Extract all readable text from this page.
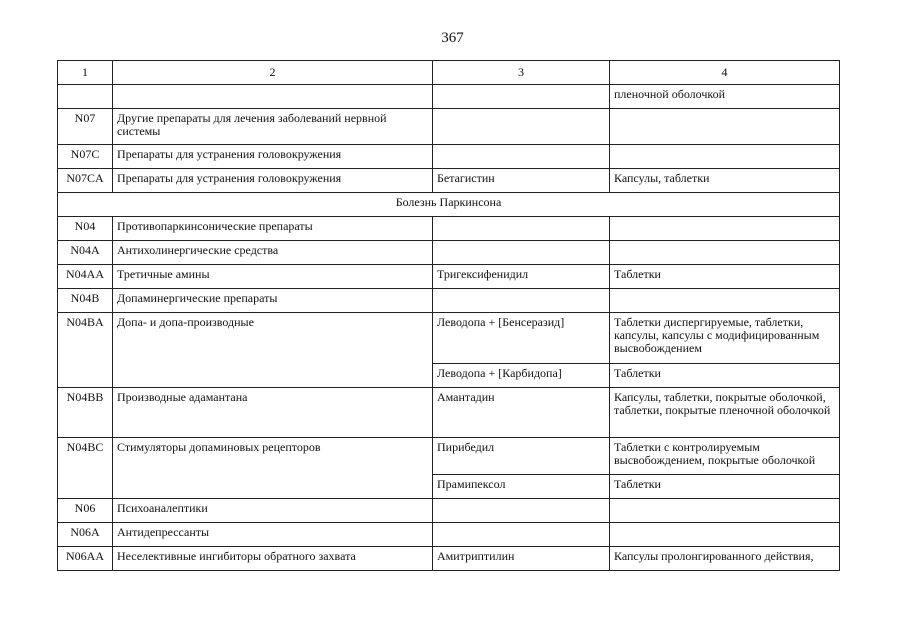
367
1	2	3	4
			пленочной оболочкой
N07	Другие препараты для лечения заболеваний нервной системы		
N07C	Препараты для устранения головокружения		
N07CA	Препараты для устранения головокружения	Бетагистин	Капсулы, таблетки
Болезнь Паркинсона			
N04	Противопаркинсонические препараты		
N04A	Антихолинергические средства		
N04AA	Третичные амины	Тригексифенидил	Таблетки
N04B	Допаминергические препараты		
N04BA	Допа- и допа-производные	Леводопа + [Бенсеразид]	Таблетки диспергируемые, таблетки, капсулы, капсулы с модифицированным высвобождением
		Леводопа + [Карбидопа]	Таблетки
N04BB	Производные адамантана	Амантадин	Капсулы, таблетки, покрытые оболочкой, таблетки, покрытые пленочной оболочкой
N04BC	Стимуляторы допаминовых рецепторов	Пирибедил	Таблетки с контролируемым высвобождением, покрытые оболочкой
		Прамипексол	Таблетки
N06	Психоаналептики		
N06A	Антидепрессанты		
N06AA	Неселективные ингибиторы обратного захвата	Амитриптилин	Капсулы пролонгированного действия,
